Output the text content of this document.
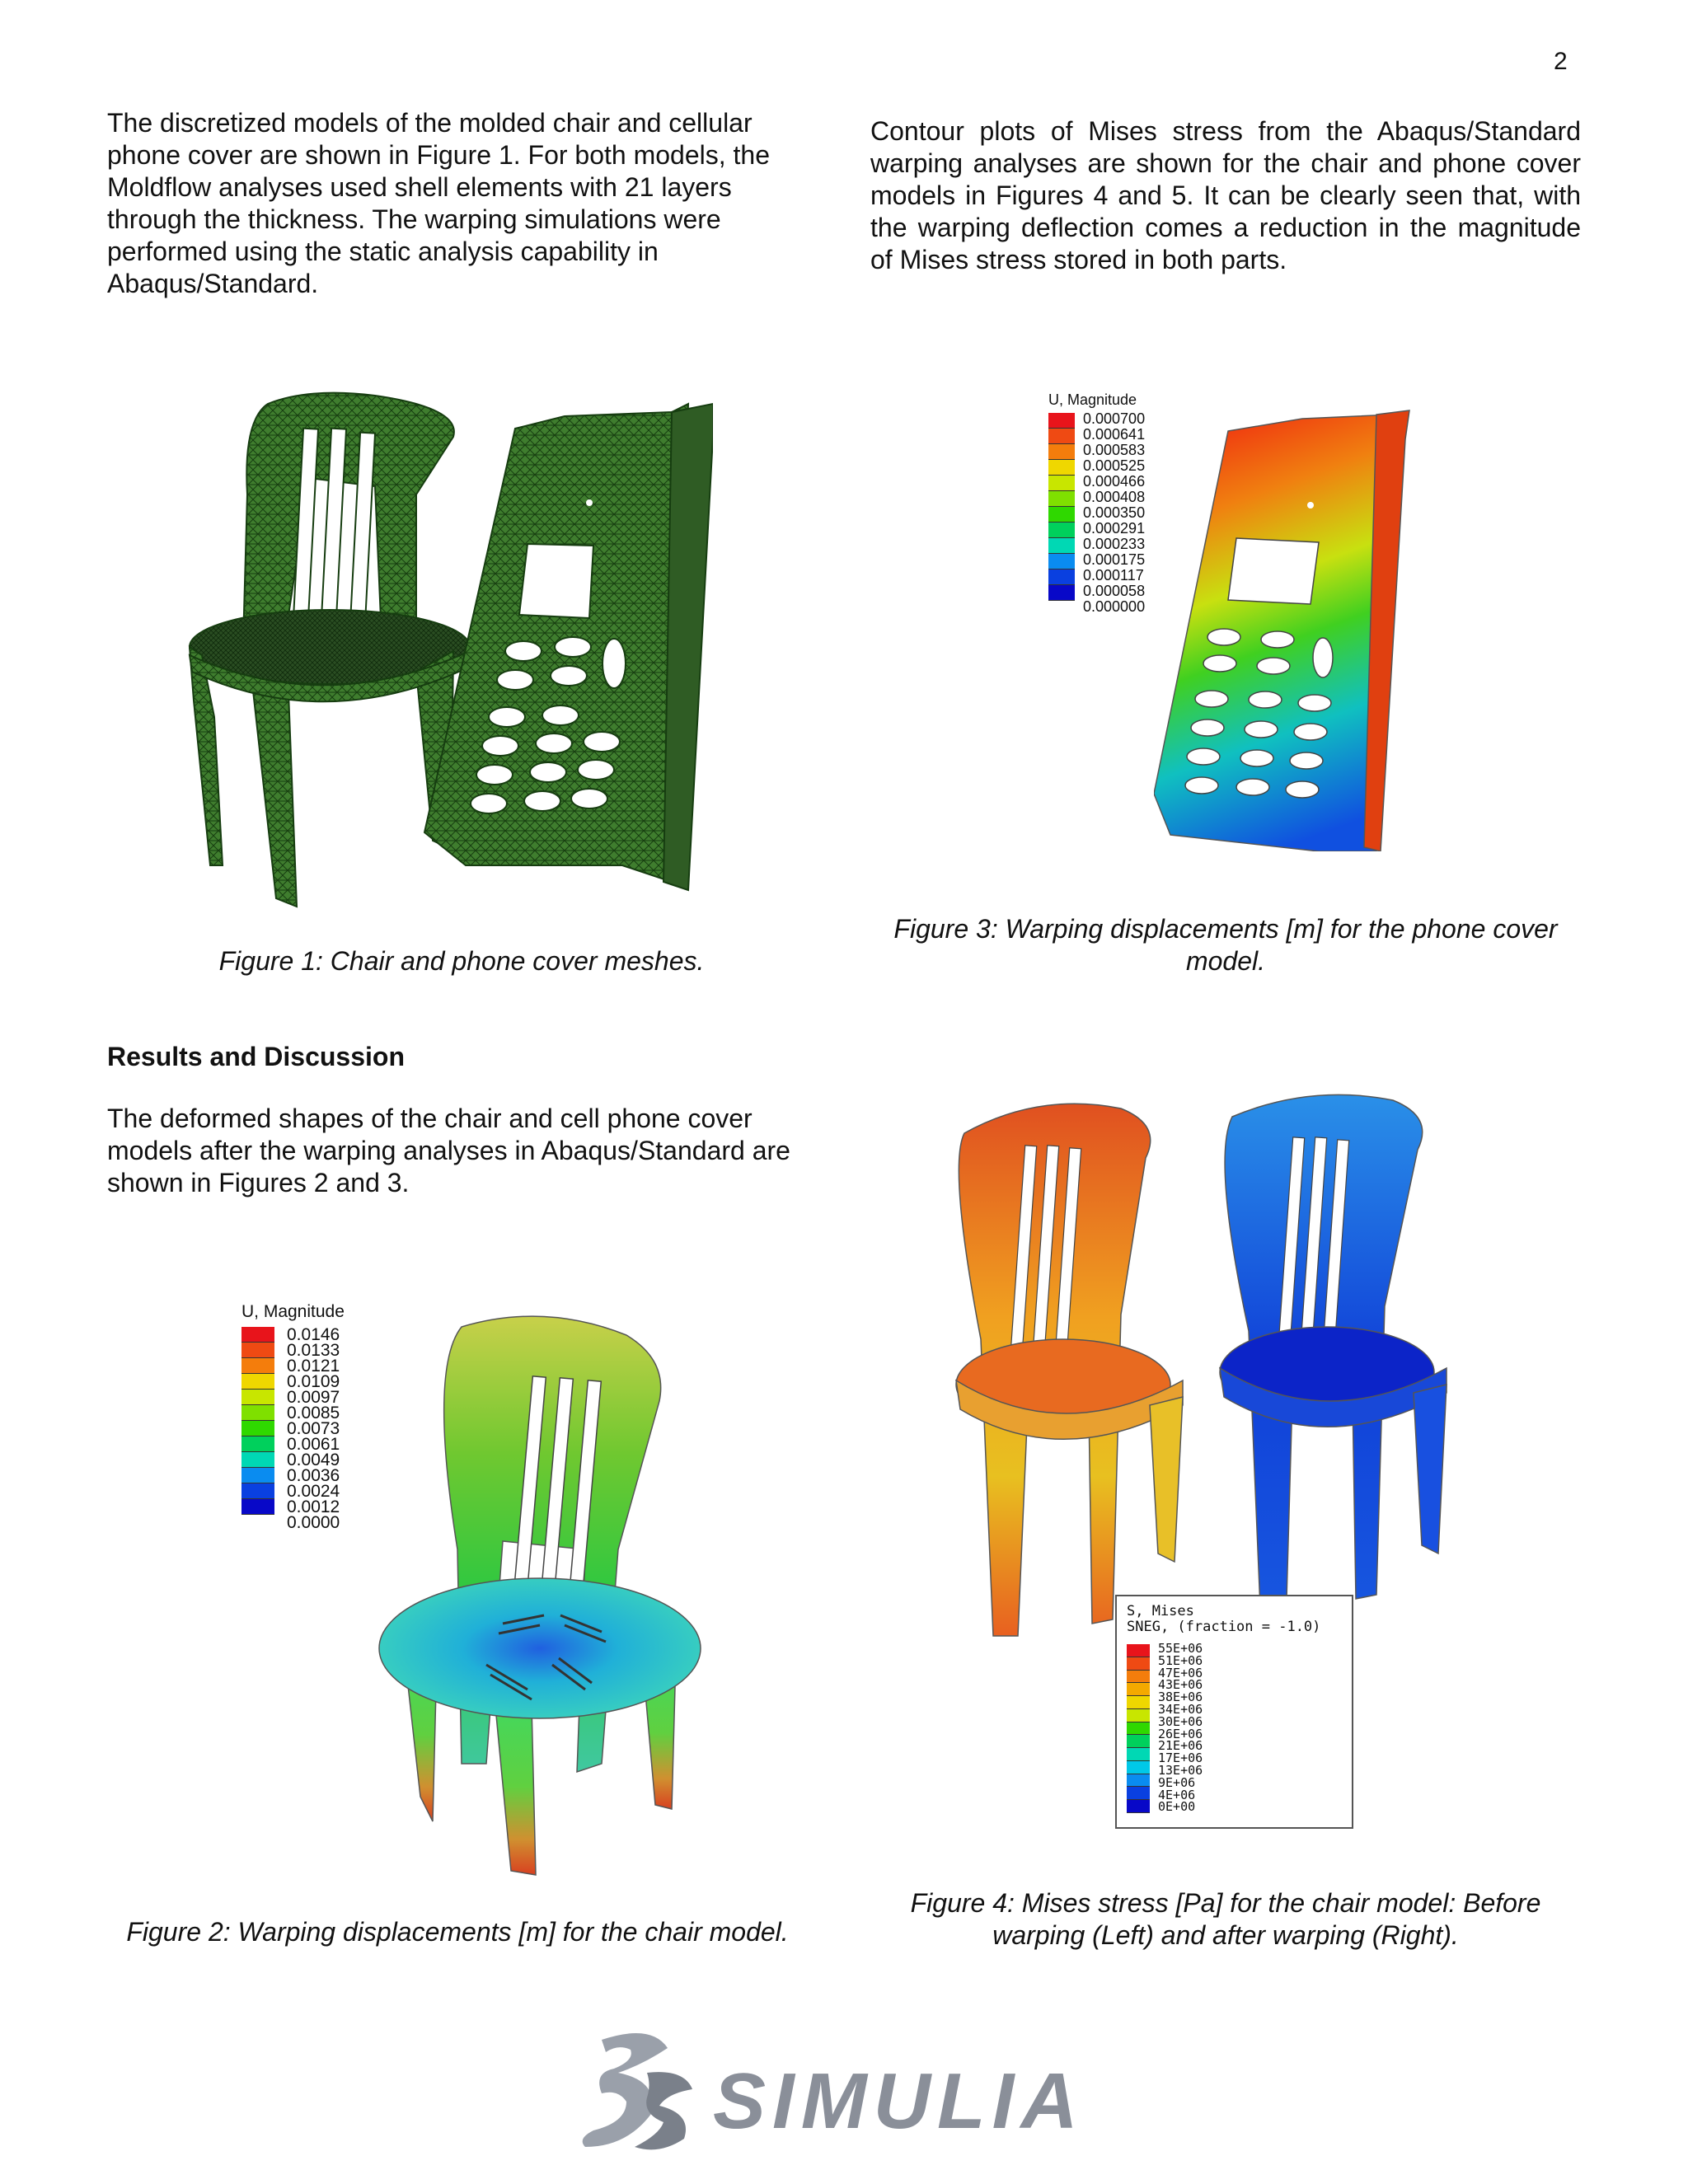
2
The discretized models of the molded chair and cellular phone cover are shown in Figure 1. For both models, the Moldflow analyses used shell elements with 21 layers through the thickness. The warping simulations were performed using the static analysis capability in Abaqus/Standard.
Figure 1: Chair and phone cover meshes.
Results and Discussion
The deformed shapes of the chair and cell phone cover models after the warping analyses in Abaqus/Standard are shown in Figures 2 and 3.
U, Magnitude
0.0146
0.0133
0.0121
0.0109
0.0097
0.0085
0.0073
0.0061
0.0049
0.0036
0.0024
0.0012
0.0000
Figure 2: Warping displacements [m] for the chair model.
Contour plots of Mises stress from the Abaqus/Standard warping analyses are shown for the chair and phone cover models in Figures 4 and 5. It can be clearly seen that, with the warping deflection comes a reduction in the magnitude of Mises stress stored in both parts.
U, Magnitude
0.000700
0.000641
0.000583
0.000525
0.000466
0.000408
0.000350
0.000291
0.000233
0.000175
0.000117
0.000058
0.000000
Figure 3: Warping displacements [m] for the phone cover model.
S, Mises
SNEG, (fraction = -1.0)
55E+06
51E+06
47E+06
43E+06
38E+06
34E+06
30E+06
26E+06
21E+06
17E+06
13E+06
9E+06
4E+06
0E+00
Figure 4: Mises stress [Pa] for the chair model: Before warping (Left) and after warping (Right).
SIMULIA
